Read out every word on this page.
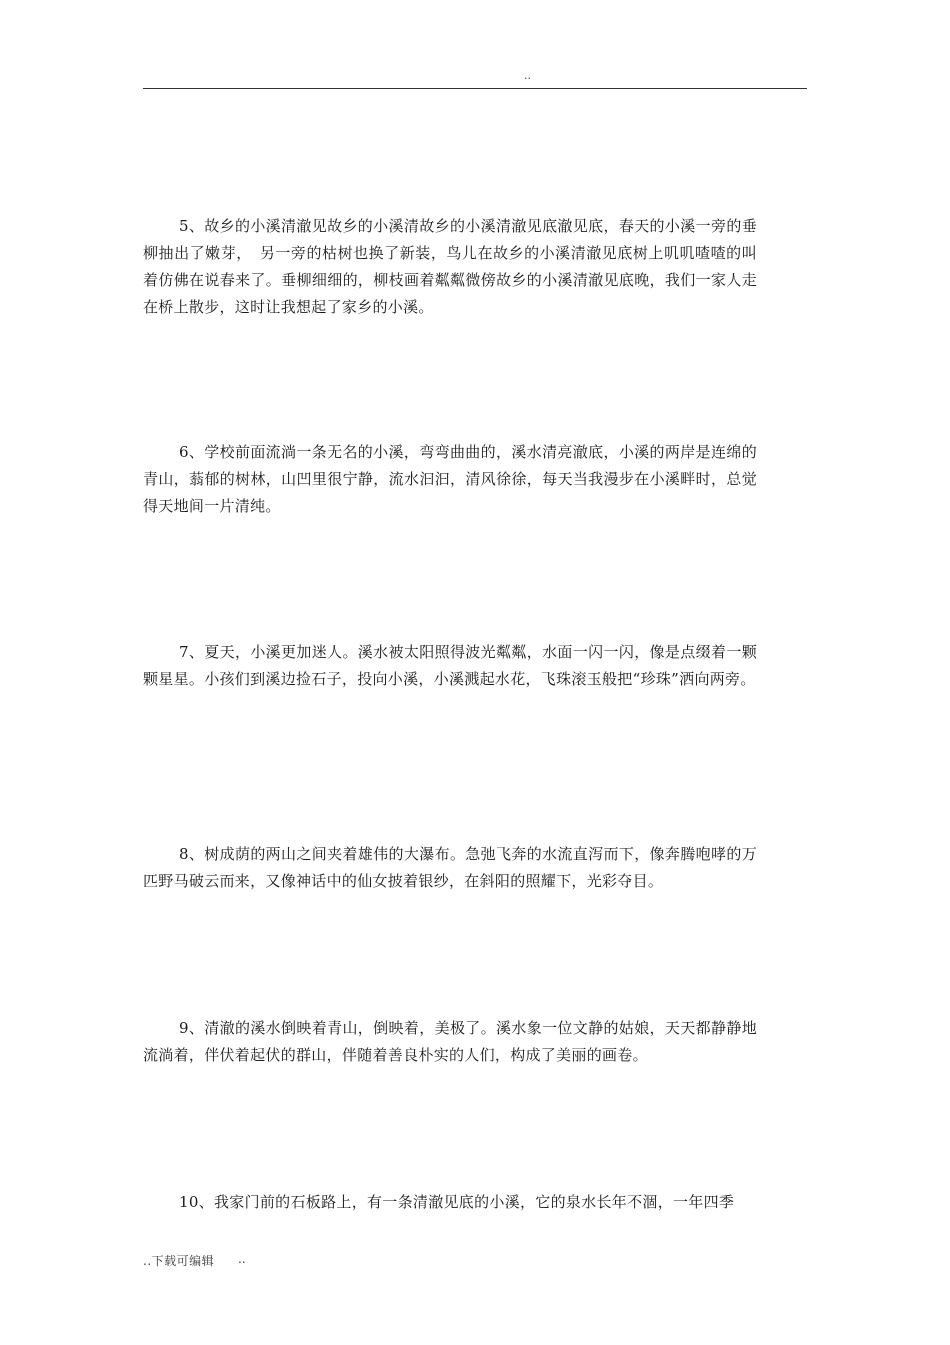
..

5、故乡的小溪清澈见故乡的小溪清故乡的小溪清澈见底澈见底，春天的小溪一旁的垂柳抽出了嫩芽，　另一旁的枯树也换了新装，鸟儿在故乡的小溪清澈见底树上叽叽喳喳的叫着仿佛在说春来了。垂柳细细的，柳枝画着粼粼微傍故乡的小溪清澈见底晚，我们一家人走在桥上散步，这时让我想起了家乡的小溪。

6、学校前面流淌一条无名的小溪，弯弯曲曲的，溪水清亮澈底，小溪的两岸是连绵的青山，蓊郁的树林，山凹里很宁静，流水汩汩，清风徐徐，每天当我漫步在小溪畔时，总觉得天地间一片清纯。

7、夏天，小溪更加迷人。溪水被太阳照得波光粼粼，水面一闪一闪，像是点缀着一颗颗星星。小孩们到溪边捡石子，投向小溪，小溪溅起水花，飞珠滚玉般把“珍珠”洒向两旁。

8、树成荫的两山之间夹着雄伟的大瀑布。急弛飞奔的水流直泻而下，像奔腾咆哮的万匹野马破云而来，又像神话中的仙女披着银纱，在斜阳的照耀下，光彩夺目。

9、清澈的溪水倒映着青山，倒映着，美极了。溪水象一位文静的姑娘，天天都静静地流淌着，伴伏着起伏的群山，伴随着善良朴实的人们，构成了美丽的画卷。

10、我家门前的石板路上，有一条清澈见底的小溪，它的泉水长年不涸，一年四季

..下载可编辑 ..
